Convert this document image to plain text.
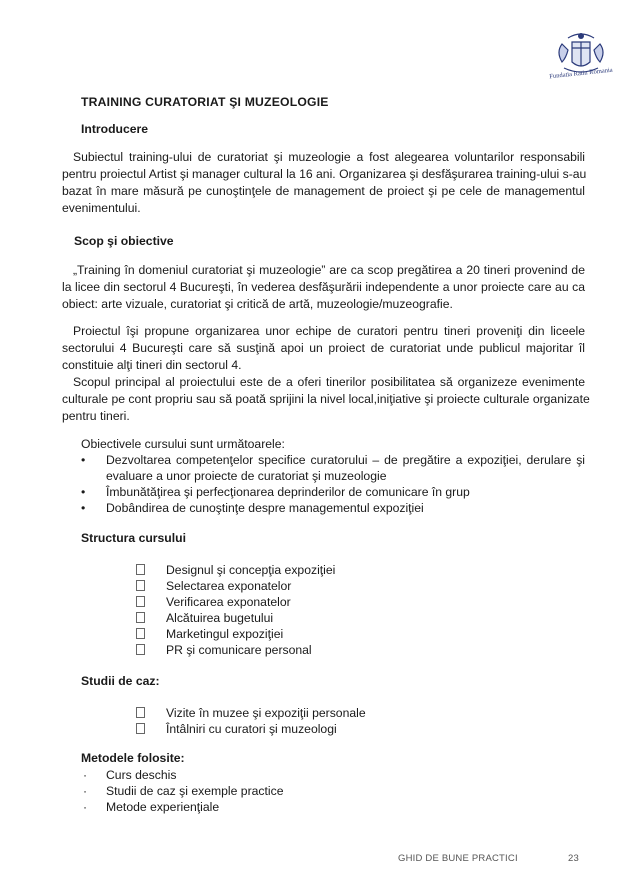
Fundatia Ratiu Romania
TRAINING CURATORIAT ŞI MUZEOLOGIE
Introducere
Subiectul training-ului de curatoriat şi muzeologie a fost alegearea voluntarilor responsabili
pentru proiectul Artist şi manager cultural la 16 ani. Organizarea şi desfăşurarea training-ului s-au
bazat în mare măsură pe cunoştinţele de management de proiect şi pe cele de managementul
evenimentului.
Scop şi obiective
„Training în domeniul curatoriat şi muzeologie” are ca scop pregătirea a 20 tineri provenind de
la licee din sectorul 4 Bucureşti, în vederea desfăşurării independente a unor proiecte care au ca
obiect: arte vizuale, curatoriat şi critică de artă, muzeologie/muzeografie.
Proiectul îşi propune organizarea unor echipe de curatori pentru tineri proveniţi din liceele
sectorului 4 Bucureşti care să susţină apoi un proiect de curatoriat unde publicul majoritar îl
constituie alţi tineri din sectorul 4.
Scopul principal al proiectului este de a oferi tinerilor posibilitatea să organizeze evenimente
culturale pe cont propriu sau să poată sprijini la nivel local,iniţiative şi proiecte culturale organizate
pentru tineri.
Obiectivele cursului sunt următoarele:
• Dezvoltarea competenţelor specifice curatorului – de pregătire a expoziţiei, derulare şi
evaluare a unor proiecte de curatoriat şi muzeologie
• Îmbunătăţirea şi perfecţionarea deprinderilor de comunicare în grup
• Dobândirea de cunoştinţe despre managementul expoziţiei
Structura cursului
Designul şi concepţia expoziţiei
Selectarea exponatelor
Verificarea exponatelor
Alcătuirea bugetului
Marketingul expoziţiei
PR şi comunicare personal
Studii de caz:
Vizite în muzee şi expoziţii personale
Întâlniri cu curatori şi muzeologi
Metodele folosite:
· Curs deschis
· Studii de caz şi exemple practice
· Metode experienţiale
GHID DE BUNE PRACTICI	23
